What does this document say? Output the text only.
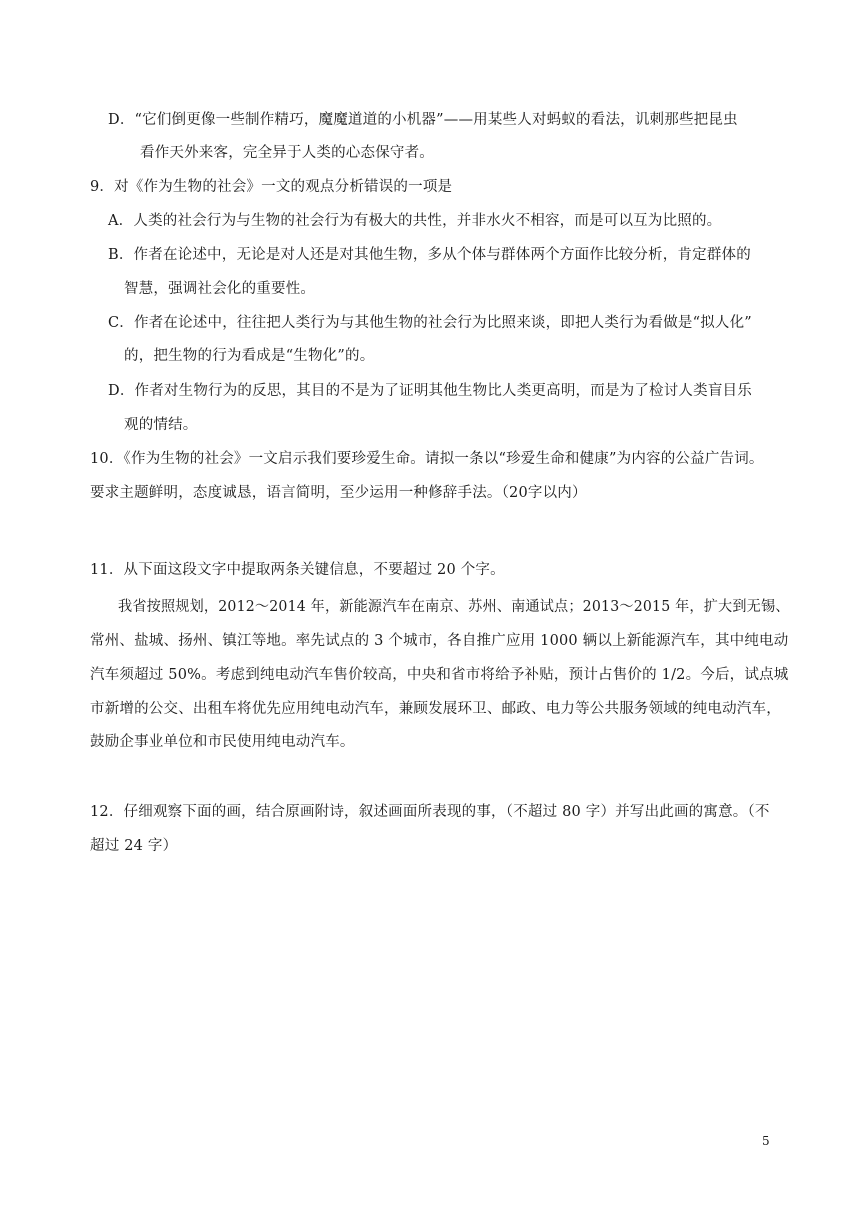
D．“它们倒更像一些制作精巧，魔魔道道的小机器”——用某些人对蚂蚁的看法，讥刺那些把昆虫
看作天外来客，完全异于人类的心态保守者。
9．对《作为生物的社会》一文的观点分析错误的一项是
A．人类的社会行为与生物的社会行为有极大的共性，并非水火不相容，而是可以互为比照的。
B．作者在论述中，无论是对人还是对其他生物，多从个体与群体两个方面作比较分析，肯定群体的
智慧，强调社会化的重要性。
C．作者在论述中，往往把人类行为与其他生物的社会行为比照来谈，即把人类行为看做是“拟人化”
的，把生物的行为看成是“生物化”的。
D．作者对生物行为的反思，其目的不是为了证明其他生物比人类更高明，而是为了检讨人类盲目乐
观的情结。
10．《作为生物的社会》一文启示我们要珍爱生命。请拟一条以“珍爱生命和健康”为内容的公益广告词。
要求主题鲜明，态度诚恳，语言简明，至少运用一种修辞手法。（20字以内）
11．从下面这段文字中提取两条关键信息，不要超过 20 个字。
我省按照规划，2012～2014 年，新能源汽车在南京、苏州、南通试点；2013～2015 年，扩大到无锡、
常州、盐城、扬州、镇江等地。率先试点的 3 个城市，各自推广应用 1000 辆以上新能源汽车，其中纯电动
汽车须超过 50%。考虑到纯电动汽车售价较高，中央和省市将给予补贴，预计占售价的 1/2。今后，试点城
市新增的公交、出租车将优先应用纯电动汽车，兼顾发展环卫、邮政、电力等公共服务领域的纯电动汽车，
鼓励企事业单位和市民使用纯电动汽车。
12．仔细观察下面的画，结合原画附诗，叙述画面所表现的事，（不超过 80 字）并写出此画的寓意。（不
超过 24 字）
5
